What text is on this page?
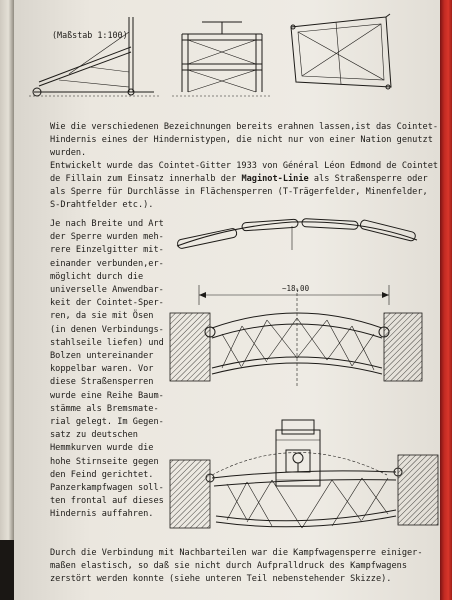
(Maßstab 1:100)
Wie die verschiedenen Bezeichnungen bereits erahnen lassen,ist das Cointet-
Hindernis eines der Hindernistypen, die nicht nur von einer Nation genutzt
wurden.
Entwickelt wurde das Cointet-Gitter 1933 von Général Léon Edmond de Cointet
de Fillain zum Einsatz innerhalb der Maginot-Linie als Straßensperre oder
als Sperre für Durchlässe in Flächensperren (T-Trägerfelder, Minenfelder,
S-Drahtfelder etc.).
Je nach Breite und Art
der Sperre wurden meh-
rere Einzelgitter mit-
einander verbunden,er-
möglicht durch die
universelle Anwendbar-
keit der Cointet-Sper-
ren, da sie mit Ösen
(in denen Verbindungs-
stahlseile liefen) und
Bolzen untereinander
koppelbar waren. Vor
diese Straßensperren
wurde eine Reihe Baum-
stämme als Bremsmate-
rial gelegt. Im Gegen-
satz zu deutschen
Hemmkurven wurde die
hohe Stirnseite gegen
den Feind gerichtet.
Panzerkampfwagen soll-
ten frontal auf dieses
Hindernis auffahren.
~18,00
Durch die Verbindung mit Nachbarteilen war die Kampfwagensperre einiger-
maßen elastisch, so daß sie nicht durch Aufpralldruck des Kampfwagens
zerstört werden konnte (siehe unteren Teil nebenstehender Skizze).
